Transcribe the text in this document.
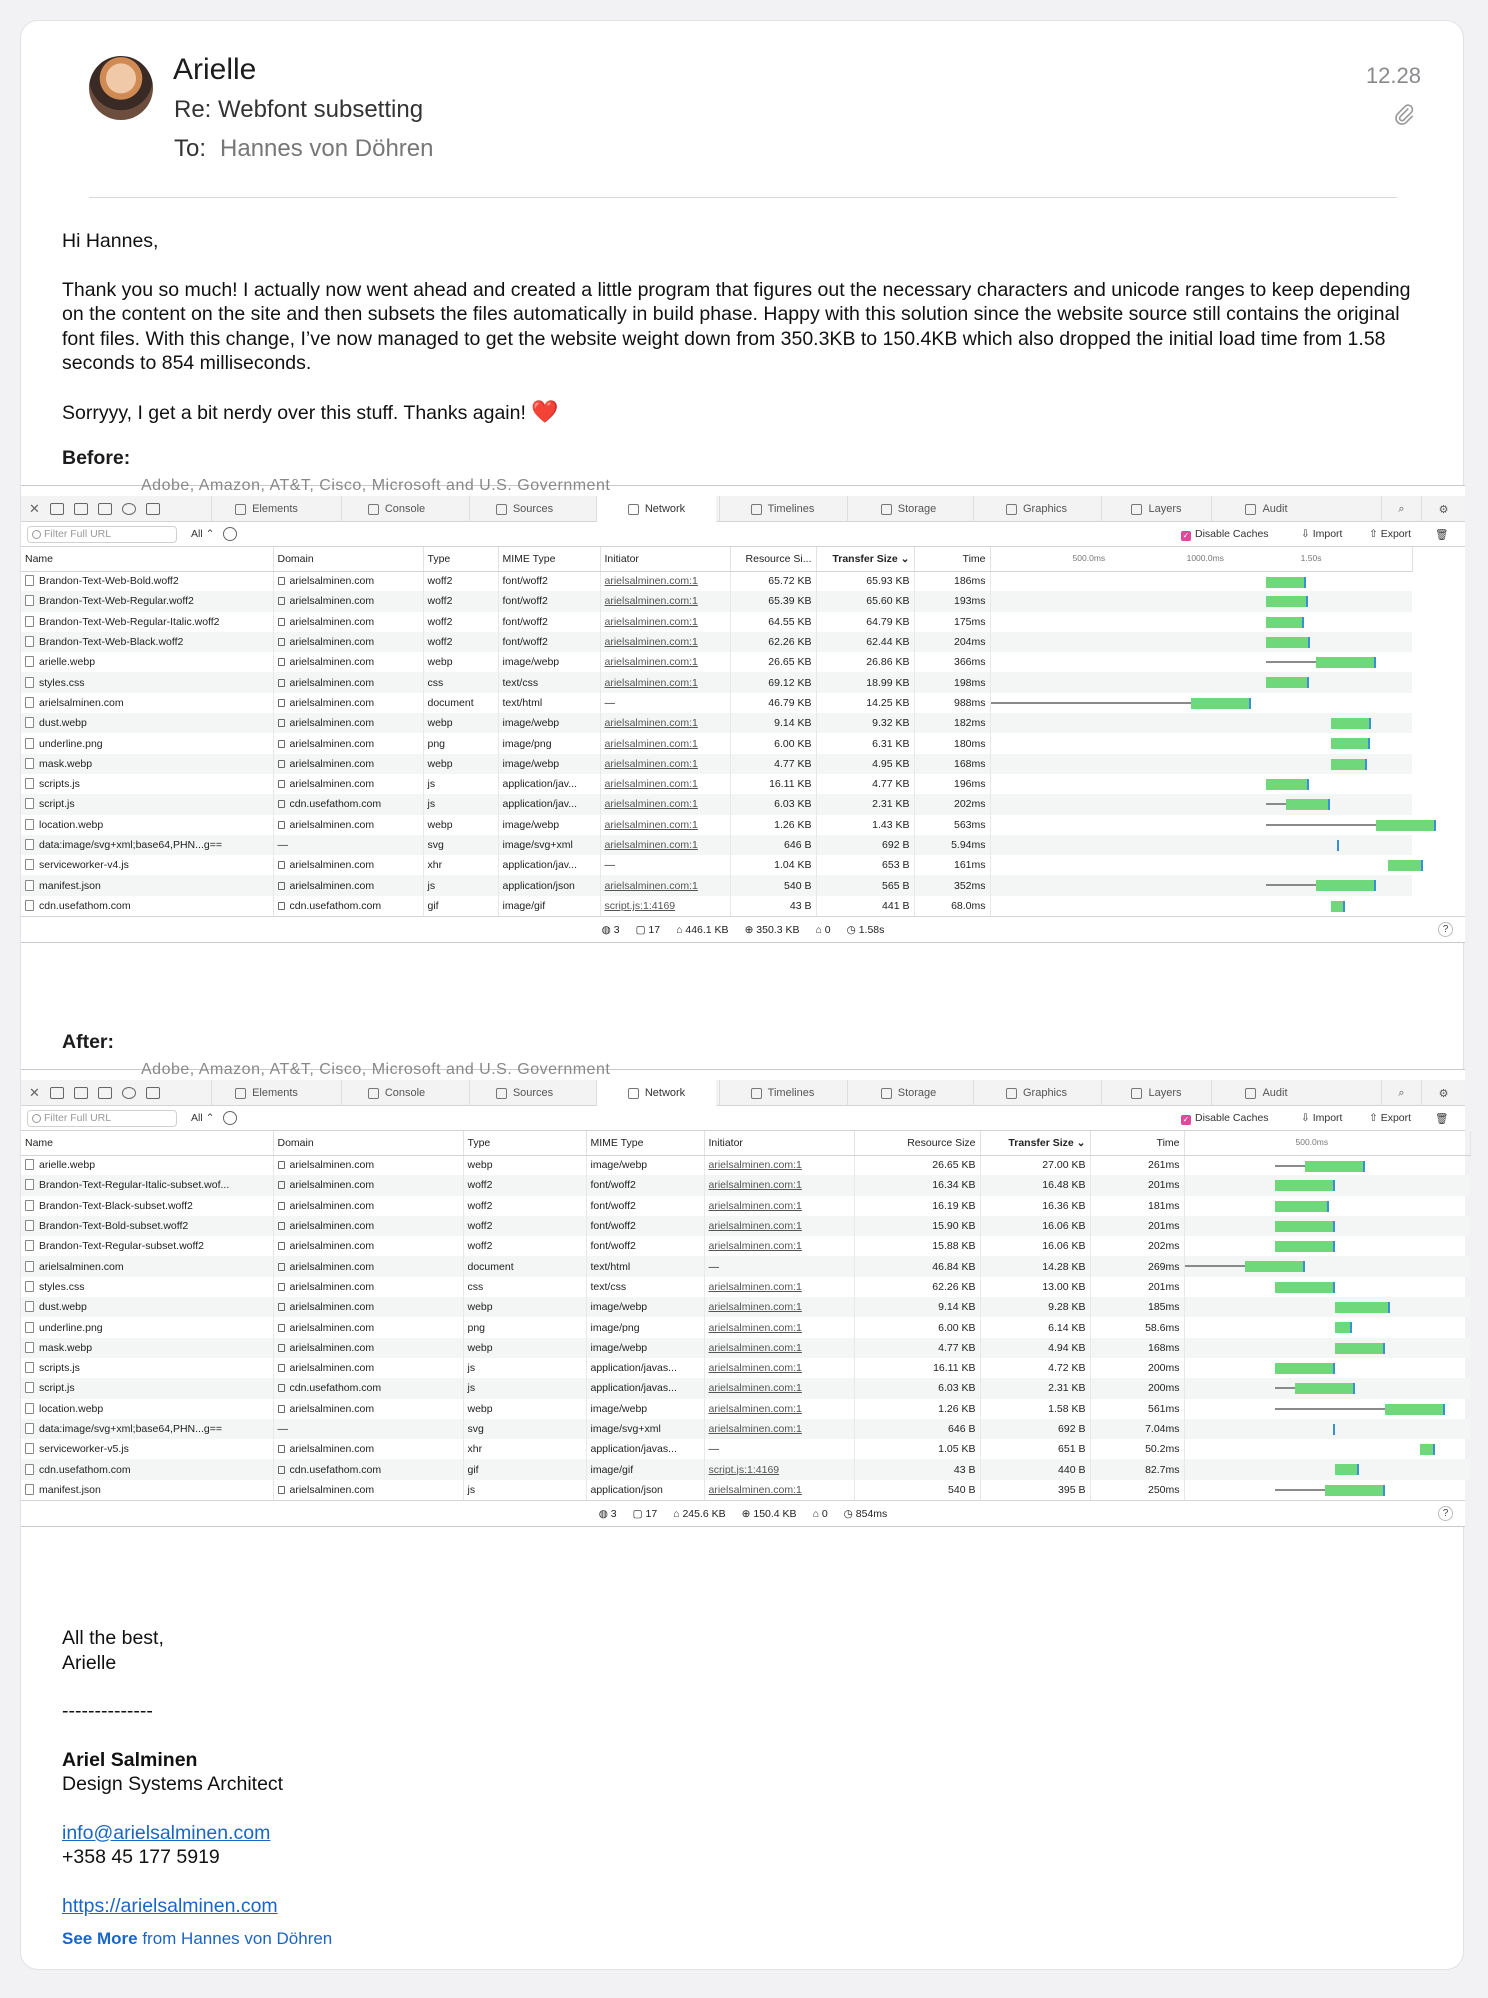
Arielle
Re: Webfont subsetting
To: Hannes von Döhren
12.28

Hi Hannes,

Thank you so much! I actually now went ahead and created a little program that figures out the necessary characters and unicode ranges to keep depending on the content on the site and then subsets the files automatically in build phase. Happy with this solution since the website source still contains the original font files. With this change, I’ve now managed to get the website weight down from 350.3KB to 150.4KB which also dropped the initial load time from 1.58 seconds to 854 milliseconds.

Sorryyy, I get a bit nerdy over this stuff. Thanks again! ❤️

Before:
Adobe, Amazon, AT&T, Cisco, Microsoft and U.S. Government
✕	Elements	Console	Sources	Network	Timelines	Storage	Graphics	Layers	Audit	⌕	⚙
Filter Full URL	All ⌃	✓ Disable Caches	⇩ Import	⇧ Export 🗑
Name	Domain	Type	MIME Type	Initiator	Resource Si...	Transfer Size ⌄	Time	500.0ms 1000.0ms 1.50s

Brandon-Text-Web-Bold.woff2	arielsalminen.com	woff2	font/woff2	arielsalminen.com:1	65.72 KB	65.93 KB	186ms	

Brandon-Text-Web-Regular.woff2	arielsalminen.com	woff2	font/woff2	arielsalminen.com:1	65.39 KB	65.60 KB	193ms	

Brandon-Text-Web-Regular-Italic.woff2	arielsalminen.com	woff2	font/woff2	arielsalminen.com:1	64.55 KB	64.79 KB	175ms	

Brandon-Text-Web-Black.woff2	arielsalminen.com	woff2	font/woff2	arielsalminen.com:1	62.26 KB	62.44 KB	204ms	

arielle.webp	arielsalminen.com	webp	image/webp	arielsalminen.com:1	26.65 KB	26.86 KB	366ms	

styles.css	arielsalminen.com	css	text/css	arielsalminen.com:1	69.12 KB	18.99 KB	198ms	

arielsalminen.com	arielsalminen.com	document	text/html	—	46.79 KB	14.25 KB	988ms	

dust.webp	arielsalminen.com	webp	image/webp	arielsalminen.com:1	9.14 KB	9.32 KB	182ms	

underline.png	arielsalminen.com	png	image/png	arielsalminen.com:1	6.00 KB	6.31 KB	180ms	

mask.webp	arielsalminen.com	webp	image/webp	arielsalminen.com:1	4.77 KB	4.95 KB	168ms	

scripts.js	arielsalminen.com	js	application/jav...	arielsalminen.com:1	16.11 KB	4.77 KB	196ms	

script.js	cdn.usefathom.com	js	application/jav...	arielsalminen.com:1	6.03 KB	2.31 KB	202ms	

location.webp	arielsalminen.com	webp	image/webp	arielsalminen.com:1	1.26 KB	1.43 KB	563ms	

data:image/svg+xml;base64,PHN...g==	—	svg	image/svg+xml	arielsalminen.com:1	646 B	692 B	5.94ms	

serviceworker-v4.js	arielsalminen.com	xhr	application/jav...	—	1.04 KB	653 B	161ms	

manifest.json	arielsalminen.com	js	application/json	arielsalminen.com:1	540 B	565 B	352ms	

cdn.usefathom.com	cdn.usefathom.com	gif	image/gif	script.js:1:4169	43 B	441 B	68.0ms	
◍ 3 ▢ 17 ⌂ 446.1 KB ⊕ 350.3 KB ⌂ 0 ◷ 1.58s	?
After:
Adobe, Amazon, AT&T, Cisco, Microsoft and U.S. Government
✕	Elements	Console	Sources	Network	Timelines	Storage	Graphics	Layers	Audit	⌕	⚙
Filter Full URL	All ⌃	✓ Disable Caches	⇩ Import	⇧ Export 🗑
Name	Domain	Type	MIME Type	Initiator	Resource Size	Transfer Size ⌄	Time	500.0ms

arielle.webp	arielsalminen.com	webp	image/webp	arielsalminen.com:1	26.65 KB	27.00 KB	261ms	

Brandon-Text-Regular-Italic-subset.wof...	arielsalminen.com	woff2	font/woff2	arielsalminen.com:1	16.34 KB	16.48 KB	201ms	

Brandon-Text-Black-subset.woff2	arielsalminen.com	woff2	font/woff2	arielsalminen.com:1	16.19 KB	16.36 KB	181ms	

Brandon-Text-Bold-subset.woff2	arielsalminen.com	woff2	font/woff2	arielsalminen.com:1	15.90 KB	16.06 KB	201ms	

Brandon-Text-Regular-subset.woff2	arielsalminen.com	woff2	font/woff2	arielsalminen.com:1	15.88 KB	16.06 KB	202ms	

arielsalminen.com	arielsalminen.com	document	text/html	—	46.84 KB	14.28 KB	269ms	

styles.css	arielsalminen.com	css	text/css	arielsalminen.com:1	62.26 KB	13.00 KB	201ms	

dust.webp	arielsalminen.com	webp	image/webp	arielsalminen.com:1	9.14 KB	9.28 KB	185ms	

underline.png	arielsalminen.com	png	image/png	arielsalminen.com:1	6.00 KB	6.14 KB	58.6ms	

mask.webp	arielsalminen.com	webp	image/webp	arielsalminen.com:1	4.77 KB	4.94 KB	168ms	

scripts.js	arielsalminen.com	js	application/javas...	arielsalminen.com:1	16.11 KB	4.72 KB	200ms	

script.js	cdn.usefathom.com	js	application/javas...	arielsalminen.com:1	6.03 KB	2.31 KB	200ms	

location.webp	arielsalminen.com	webp	image/webp	arielsalminen.com:1	1.26 KB	1.58 KB	561ms	

data:image/svg+xml;base64,PHN...g==	—	svg	image/svg+xml	arielsalminen.com:1	646 B	692 B	7.04ms	

serviceworker-v5.js	arielsalminen.com	xhr	application/javas...	—	1.05 KB	651 B	50.2ms	

cdn.usefathom.com	cdn.usefathom.com	gif	image/gif	script.js:1:4169	43 B	440 B	82.7ms	

manifest.json	arielsalminen.com	js	application/json	arielsalminen.com:1	540 B	395 B	250ms	
◍ 3 ▢ 17 ⌂ 245.6 KB ⊕ 150.4 KB ⌂ 0 ◷ 854ms	?
All the best,
Arielle
--------------
Ariel Salminen
Design Systems Architect
info@arielsalminen.com
+358 45 177 5919
https://arielsalminen.com
See More from Hannes von Döhren
